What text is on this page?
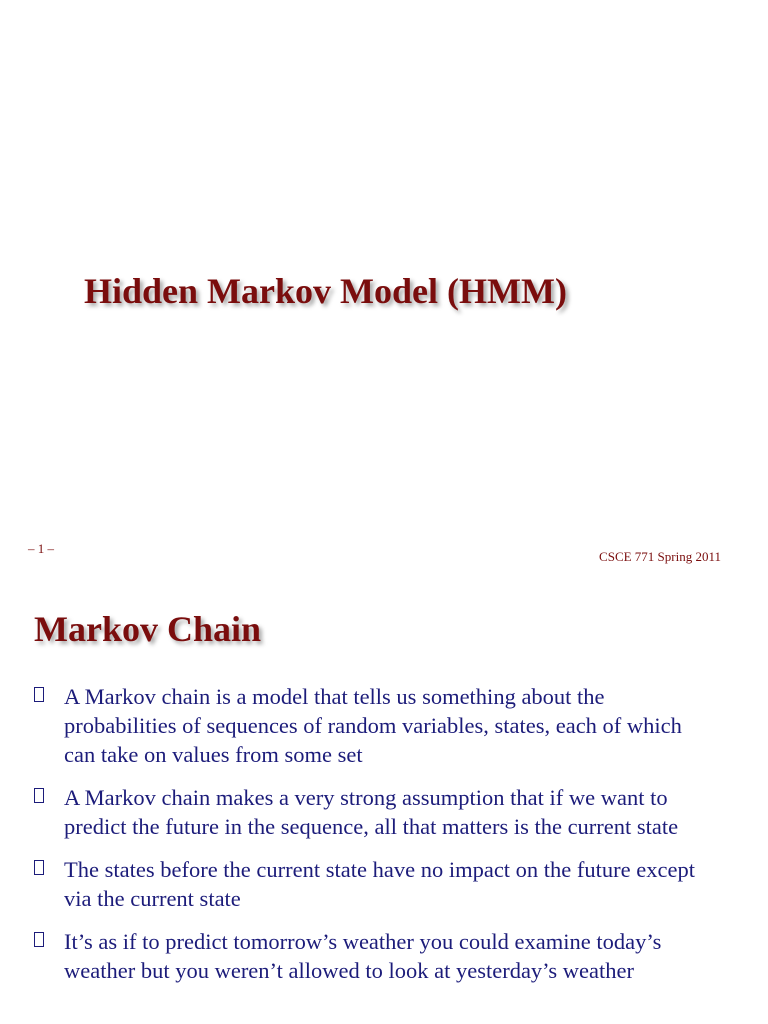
Hidden Markov Model (HMM)
– 1 –
CSCE 771 Spring 2011
Markov Chain
A Markov chain is a model that tells us something about the probabilities of sequences of random variables, states, each of which can take on values from some set
A Markov chain makes a very strong assumption that if we want to predict the future in the sequence, all that matters is the current state
The states before the current state have no impact on the future except via the current state
It’s as if to predict tomorrow’s weather you could examine today’s weather but you weren’t allowed to look at yesterday’s weather
